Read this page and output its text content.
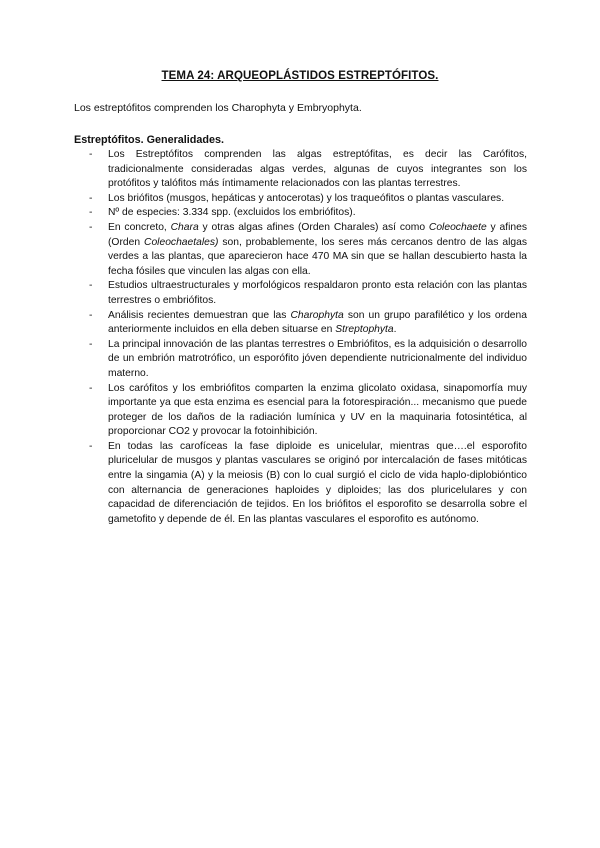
TEMA 24: ARQUEOPLÁSTIDOS ESTREPTÓFITOS.
Los estreptófitos comprenden los Charophyta y Embryophyta.
Estreptófitos. Generalidades.
- Los Estreptófitos comprenden las algas estreptófitas, es decir las Carófitos, tradicionalmente consideradas algas verdes, algunas de cuyos integrantes son los protófitos y talófitos más íntimamente relacionados con las plantas terrestres.
- Los briófitos (musgos, hepáticas y antocerotas) y los traqueófitos o plantas vasculares.
- Nº de especies: 3.334 spp. (excluidos los embriófitos).
- En concreto, Chara y otras algas afines (Orden Charales) así como Coleochaete y afines (Orden Coleochaetales) son, probablemente, los seres más cercanos dentro de las algas verdes a las plantas, que aparecieron hace 470 MA sin que se hallan descubierto hasta la fecha fósiles que vinculen las algas con ella.
- Estudios ultraestructurales y morfológicos respaldaron pronto esta relación con las plantas terrestres o embriófitos.
- Análisis recientes demuestran que las Charophyta son un grupo parafilético y los ordena anteriormente incluidos en ella deben situarse en Streptophyta.
- La principal innovación de las plantas terrestres o Embriófitos, es la adquisición o desarrollo de un embrión matrotrófico, un esporófito jóven dependiente nutricionalmente del individuo materno.
- Los carófitos y los embriófitos comparten la enzima glicolato oxidasa, sinapomorfía muy importante ya que esta enzima es esencial para la fotorespiración... mecanismo que puede proteger de los daños de la radiación lumínica y UV en la maquinaria fotosintética, al proporcionar CO2 y provocar la fotoinhibición.
- En todas las carofíceas la fase diploide es unicelular, mientras que….el esporofito pluricelular de musgos y plantas vasculares se originó por intercalación de fases mitóticas entre la singamia (A) y la meiosis (B) con lo cual surgió el ciclo de vida haplo-diplobióntico con alternancia de generaciones haploides y diploides; las dos pluricelulares y con capacidad de diferenciación de tejidos. En los briófitos el esporofito se desarrolla sobre el gametofito y depende de él. En las plantas vasculares el esporofito es autónomo.
